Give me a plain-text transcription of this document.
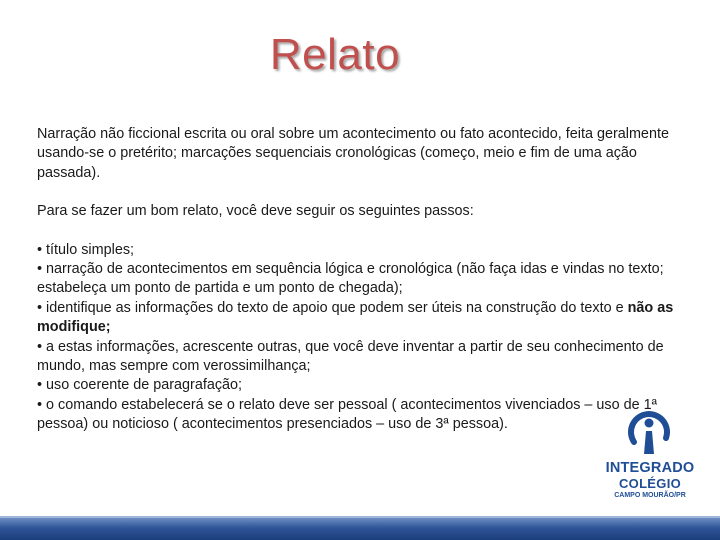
Relato

Narração não ficcional escrita ou oral sobre um acontecimento ou fato acontecido, feita geralmente usando-se o pretérito; marcações sequenciais cronológicas (começo, meio e fim de uma ação passada).

Para se fazer um bom relato, você deve seguir os seguintes passos:

• título simples;

• narração de acontecimentos em sequência lógica e cronológica (não faça idas e vindas no texto; estabeleça um ponto de partida e um ponto de chegada);

• identifique as informações do texto de apoio que podem ser úteis na construção do texto e não as modifique;

• a estas informações, acrescente outras, que você deve inventar a partir de seu conhecimento de mundo, mas sempre com verossimilhança;

• uso coerente de paragrafação;

• o comando estabelecerá se o relato deve ser pessoal ( acontecimentos vivenciados – uso de 1ª pessoa) ou noticioso ( acontecimentos presenciados – uso de 3ª pessoa).

INTEGRADO
COLÉGIO
CAMPO MOURÃO/PR
